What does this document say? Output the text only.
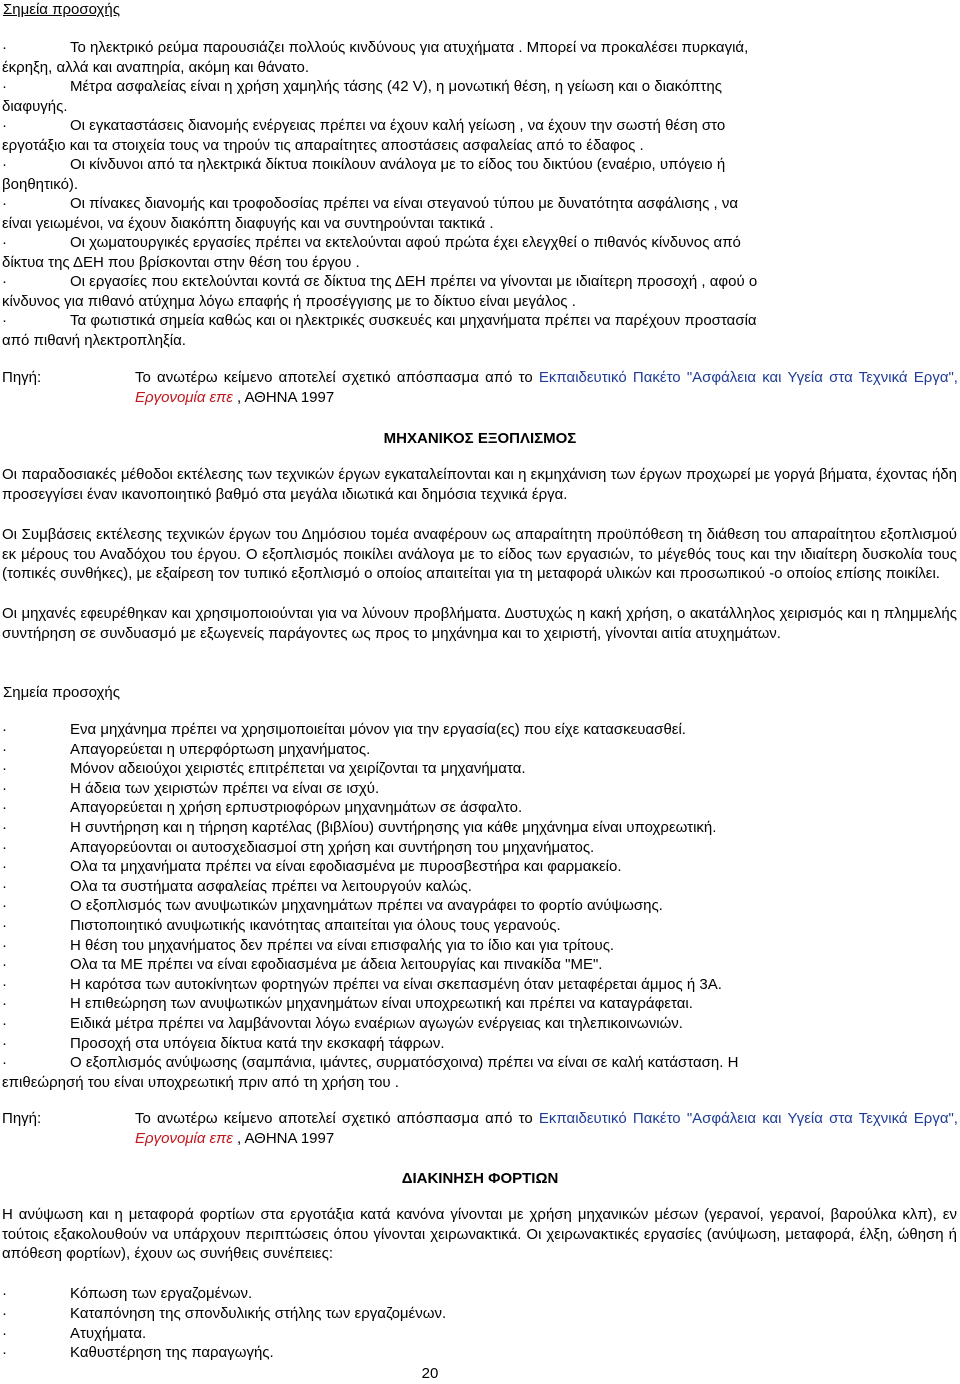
Σημεία προσοχής
·	Το ηλεκτρικό ρεύμα παρουσιάζει πολλούς κινδύνους για ατυχήματα . Μπορεί να προκαλέσει πυρκαγιά,
έκρηξη, αλλά και αναπηρία, ακόμη και θάνατο.
·	Μέτρα ασφαλείας είναι η χρήση χαμηλής τάσης (42 V), η μονωτική θέση, η γείωση και ο διακόπτης
διαφυγής.
·	Οι εγκαταστάσεις διανομής ενέργειας πρέπει να έχουν καλή γείωση , να έχουν την σωστή θέση στο
εργοτάξιο και τα στοιχεία τους να τηρούν τις απαραίτητες αποστάσεις ασφαλείας από το έδαφος .
·	Οι κίνδυνοι από τα ηλεκτρικά δίκτυα ποικίλουν ανάλογα με το είδος του δικτύου (εναέριο, υπόγειο ή
βοηθητικό).
·	Οι πίνακες διανομής και τροφοδοσίας πρέπει να είναι στεγανού τύπου με δυνατότητα ασφάλισης , να
είναι γειωμένοι, να έχουν διακόπτη διαφυγής και να συντηρούνται τακτικά .
·	Οι χωματουργικές εργασίες πρέπει να εκτελούνται αφού πρώτα έχει ελεγχθεί ο πιθανός κίνδυνος από
δίκτυα της ΔΕΗ που βρίσκονται στην θέση του έργου .
·	Οι εργασίες που εκτελούνται κοντά σε δίκτυα της ΔΕΗ πρέπει να γίνονται με ιδιαίτερη προσοχή , αφού ο
κίνδυνος για πιθανό ατύχημα λόγω επαφής ή προσέγγισης με το δίκτυο είναι μεγάλος .
·	Τα φωτιστικά σημεία καθώς και οι ηλεκτρικές συσκευές και μηχανήματα πρέπει να παρέχουν προστασία
από πιθανή ηλεκτροπληξία.
Πηγή:	Το ανωτέρω κείμενο αποτελεί σχετικό απόσπασμα από το Εκπαιδευτικό Πακέτο "Ασφάλεια και Υγεία στα Τεχνικά Εργα", Εργονομία επε , ΑΘΗΝΑ 1997
ΜΗΧΑΝΙΚΟΣ ΕΞΟΠΛΙΣΜΟΣ
Οι παραδοσιακές μέθοδοι εκτέλεσης των τεχνικών έργων εγκαταλείπονται και η εκμηχάνιση των έργων προχωρεί με γοργά βήματα, έχοντας ήδη προσεγγίσει έναν ικανοποιητικό βαθμό στα μεγάλα ιδιωτικά και δημόσια τεχνικά έργα.
Οι Συμβάσεις εκτέλεσης τεχνικών έργων του Δημόσιου τομέα αναφέρουν ως απαραίτητη προϋπόθεση τη διάθεση του απαραίτητου εξοπλισμού εκ μέρους του Αναδόχου του έργου. Ο εξοπλισμός ποικίλει ανάλογα με το είδος των εργασιών, το μέγεθός τους και την ιδιαίτερη δυσκολία τους (τοπικές συνθήκες), με εξαίρεση τον τυπικό εξοπλισμό ο οποίος απαιτείται για τη μεταφορά υλικών και προσωπικού -ο οποίος επίσης ποικίλει.
Οι μηχανές εφευρέθηκαν και χρησιμοποιούνται για να λύνουν προβλήματα. Δυστυχώς η κακή χρήση, ο ακατάλληλος χειρισμός και η πλημμελής συντήρηση σε συνδυασμό με εξωγενείς παράγοντες ως προς το μηχάνημα και το χειριστή, γίνονται αιτία ατυχημάτων.
Σημεία προσοχής
·	Ενα μηχάνημα πρέπει να χρησιμοποιείται μόνον για την εργασία(ες) που είχε κατασκευασθεί.
·	Απαγορεύεται η υπερφόρτωση μηχανήματος.
·	Μόνον αδειούχοι χειριστές επιτρέπεται να χειρίζονται τα μηχανήματα.
·	Η άδεια των χειριστών πρέπει να είναι σε ισχύ.
·	Απαγορεύεται η χρήση ερπυστριοφόρων μηχανημάτων σε άσφαλτο.
·	Η συντήρηση και η τήρηση καρτέλας (βιβλίου) συντήρησης για κάθε μηχάνημα είναι υποχρεωτική.
·	Απαγορεύονται οι αυτοσχεδιασμοί στη χρήση και συντήρηση του μηχανήματος.
·	Ολα τα μηχανήματα πρέπει να είναι εφοδιασμένα με πυροσβεστήρα και φαρμακείο.
·	Ολα τα συστήματα ασφαλείας πρέπει να λειτουργούν καλώς.
·	Ο εξοπλισμός των ανυψωτικών μηχανημάτων πρέπει να αναγράφει το φορτίο ανύψωσης.
·	Πιστοποιητικό ανυψωτικής ικανότητας απαιτείται για όλους τους γερανούς.
·	Η θέση του μηχανήματος δεν πρέπει να είναι επισφαλής για το ίδιο και για τρίτους.
·	Ολα τα ΜΕ πρέπει να είναι εφοδιασμένα με άδεια λειτουργίας και πινακίδα "ΜΕ".
·	Η καρότσα των αυτοκίνητων φορτηγών πρέπει να είναι σκεπασμένη όταν μεταφέρεται άμμος ή 3Α.
·	Η επιθεώρηση των ανυψωτικών μηχανημάτων είναι υποχρεωτική και πρέπει να καταγράφεται.
·	Ειδικά μέτρα πρέπει να λαμβάνονται λόγω εναέριων αγωγών ενέργειας και τηλεπικοινωνιών.
·	Προσοχή στα υπόγεια δίκτυα κατά την εκσκαφή τάφρων.
·	Ο εξοπλισμός ανύψωσης (σαμπάνια, ιμάντες, συρματόσχοινα) πρέπει να είναι σε καλή κατάσταση. Η
επιθεώρησή του είναι υποχρεωτική πριν από τη χρήση του .
Πηγή:	Το ανωτέρω κείμενο αποτελεί σχετικό απόσπασμα από το Εκπαιδευτικό Πακέτο "Ασφάλεια και Υγεία στα Τεχνικά Εργα", Εργονομία επε , ΑΘΗΝΑ 1997
ΔΙΑΚΙΝΗΣΗ ΦΟΡΤΙΩΝ
Η ανύψωση και η μεταφορά φορτίων στα εργοτάξια κατά κανόνα γίνονται με χρήση μηχανικών μέσων (γερανοί, γερανοί, βαρούλκα κλπ), εν τούτοις εξακολουθούν να υπάρχουν περιπτώσεις όπου γίνονται χειρωνακτικά. Οι χειρωνακτικές εργασίες (ανύψωση, μεταφορά, έλξη, ώθηση ή απόθεση φορτίων), έχουν ως συνήθεις συνέπειες:
·	Κόπωση των εργαζομένων.
·	Καταπόνηση της σπονδυλικής στήλης των εργαζομένων.
·	Ατυχήματα.
·	Καθυστέρηση της παραγωγής.
20
